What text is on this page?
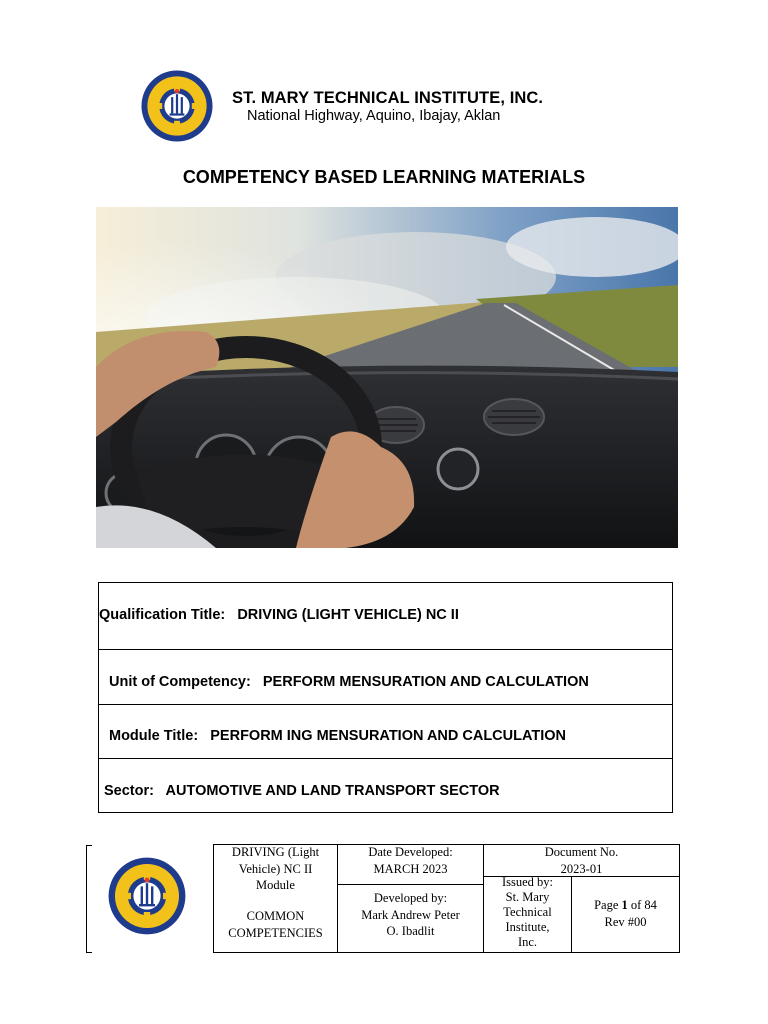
ST. MARY TECHNICAL INSTITUTE, INC.
National Highway, Aquino, Ibajay, Aklan
COMPETENCY BASED LEARNING MATERIALS
Qualification Title: DRIVING (LIGHT VEHICLE) NC II
Unit of Competency: PERFORM MENSURATION AND CALCULATION
Module Title: PERFORM ING MENSURATION AND CALCULATION
Sector: AUTOMOTIVE AND LAND TRANSPORT SECTOR
DRIVING (Light
Vehicle) NC II
Module
COMMON
COMPETENCIES
Date Developed:
MARCH 2023
Developed by:
Mark Andrew Peter
O. Ibadlit
Document No.
2023-01
Issued by:
St. Mary
Technical
Institute,
Inc.
Page 1 of 84
Rev #00
